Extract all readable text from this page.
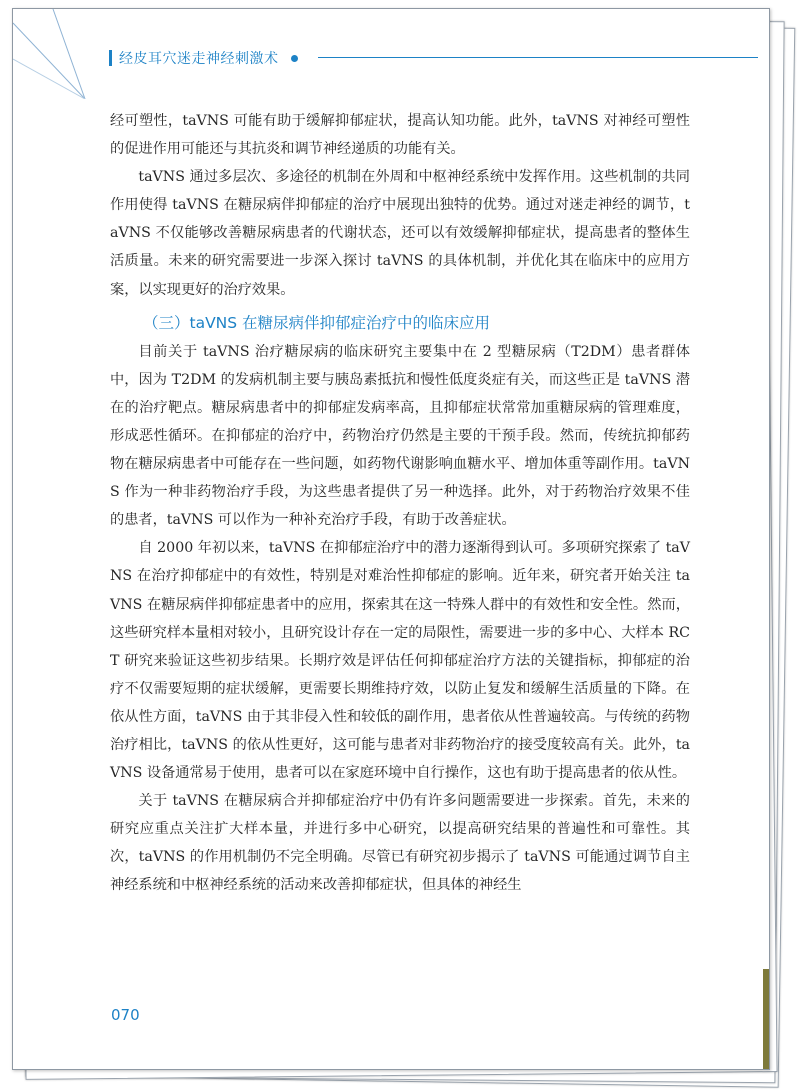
经皮耳穴迷走神经刺激术

经可塑性，taVNS 可能有助于缓解抑郁症状，提高认知功能。此外，taVNS 对神经可塑性的促进作用可能还与其抗炎和调节神经递质的功能有关。

taVNS 通过多层次、多途径的机制在外周和中枢神经系统中发挥作用。这些机制的共同作用使得 taVNS 在糖尿病伴抑郁症的治疗中展现出独特的优势。通过对迷走神经的调节，taVNS 不仅能够改善糖尿病患者的代谢状态，还可以有效缓解抑郁症状，提高患者的整体生活质量。未来的研究需要进一步深入探讨 taVNS 的具体机制，并优化其在临床中的应用方案，以实现更好的治疗效果。

（三）taVNS 在糖尿病伴抑郁症治疗中的临床应用

目前关于 taVNS 治疗糖尿病的临床研究主要集中在 2 型糖尿病（T2DM）患者群体中，因为 T2DM 的发病机制主要与胰岛素抵抗和慢性低度炎症有关，而这些正是 taVNS 潜在的治疗靶点。糖尿病患者中的抑郁症发病率高，且抑郁症状常常加重糖尿病的管理难度，形成恶性循环。在抑郁症的治疗中，药物治疗仍然是主要的干预手段。然而，传统抗抑郁药物在糖尿病患者中可能存在一些问题，如药物代谢影响血糖水平、增加体重等副作用。taVNS 作为一种非药物治疗手段，为这些患者提供了另一种选择。此外，对于药物治疗效果不佳的患者，taVNS 可以作为一种补充治疗手段，有助于改善症状。

自 2000 年初以来，taVNS 在抑郁症治疗中的潜力逐渐得到认可。多项研究探索了 taVNS 在治疗抑郁症中的有效性，特别是对难治性抑郁症的影响。近年来，研究者开始关注 taVNS 在糖尿病伴抑郁症患者中的应用，探索其在这一特殊人群中的有效性和安全性。然而，这些研究样本量相对较小，且研究设计存在一定的局限性，需要进一步的多中心、大样本 RCT 研究来验证这些初步结果。长期疗效是评估任何抑郁症治疗方法的关键指标，抑郁症的治疗不仅需要短期的症状缓解，更需要长期维持疗效，以防止复发和缓解生活质量的下降。在依从性方面，taVNS 由于其非侵入性和较低的副作用，患者依从性普遍较高。与传统的药物治疗相比，taVNS 的依从性更好，这可能与患者对非药物治疗的接受度较高有关。此外，taVNS 设备通常易于使用，患者可以在家庭环境中自行操作，这也有助于提高患者的依从性。

关于 taVNS 在糖尿病合并抑郁症治疗中仍有许多问题需要进一步探索。首先，未来的研究应重点关注扩大样本量，并进行多中心研究，以提高研究结果的普遍性和可靠性。其次，taVNS 的作用机制仍不完全明确。尽管已有研究初步揭示了 taVNS 可能通过调节自主神经系统和中枢神经系统的活动来改善抑郁症状，但具体的神经生

070
